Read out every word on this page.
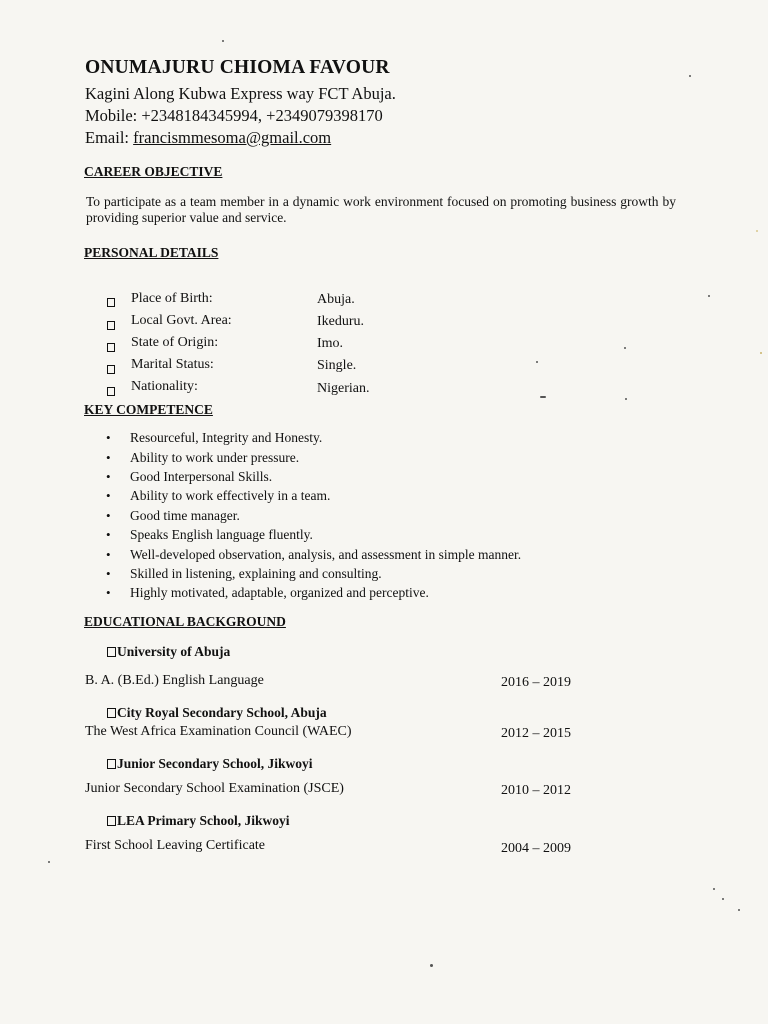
ONUMAJURU CHIOMA FAVOUR
Kagini Along Kubwa Express way FCT Abuja.
Mobile: +2348184345994, +2349079398170
Email: francismmesoma@gmail.com
CAREER OBJECTIVE
To participate as a team member in a dynamic work environment focused on promoting business growth by providing superior value and service.
PERSONAL DETAILS
Place of Birth:	Abuja.
Local Govt. Area:	Ikeduru.
State of Origin:	Imo.
Marital Status:	Single.
Nationality:	Nigerian.
KEY COMPETENCE
• Resourceful, Integrity and Honesty.
• Ability to work under pressure.
• Good Interpersonal Skills.
• Ability to work effectively in a team.
• Good time manager.
• Speaks English language fluently.
• Well-developed observation, analysis, and assessment in simple manner.
• Skilled in listening, explaining and consulting.
• Highly motivated, adaptable, organized and perceptive.
EDUCATIONAL BACKGROUND
University of Abuja
B. A. (B.Ed.) English Language	2016 – 2019
City Royal Secondary School, Abuja
The West Africa Examination Council (WAEC)	2012 – 2015
Junior Secondary School, Jikwoyi
Junior Secondary School Examination (JSCE)	2010 – 2012
LEA Primary School, Jikwoyi
First School Leaving Certificate	2004 – 2009
